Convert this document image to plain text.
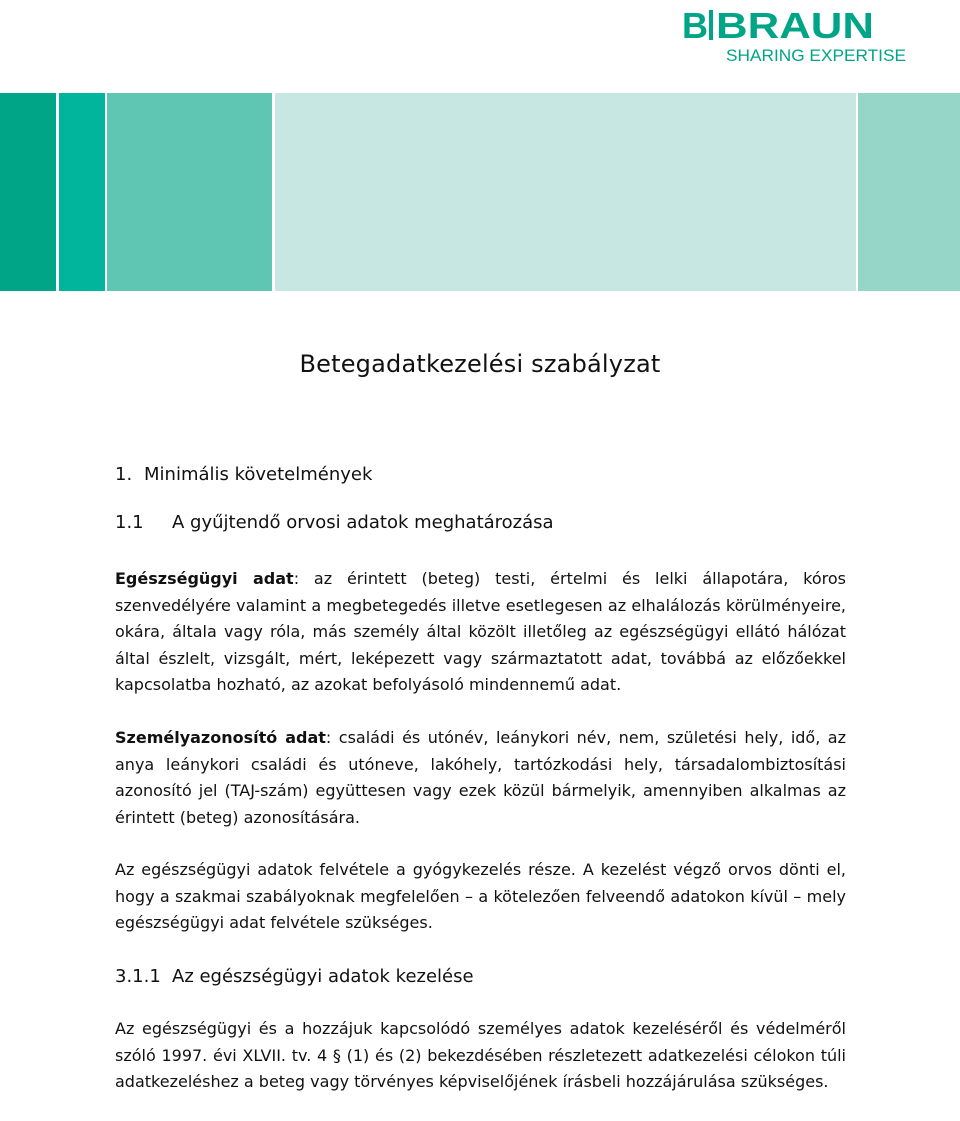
B BRAUN
SHARING EXPERTISE
Betegadatkezelési szabályzat
1. Minimális követelmények
1.1 A gyűjtendő orvosi adatok meghatározása

Egészségügyi adat: az érintett (beteg) testi, értelmi és lelki állapotára, kóros szenvedélyére valamint a megbetegedés illetve esetlegesen az elhalálozás körülményeire, okára, általa vagy róla, más személy által közölt illetőleg az egészségügyi ellátó hálózat által észlelt, vizsgált, mért, leképezett vagy származtatott adat, továbbá az előzőekkel kapcsolatba hozható, az azokat befolyásoló mindennemű adat.

Személyazonosító adat: családi és utónév, leánykori név, nem, születési hely, idő, az anya leánykori családi és utóneve, lakóhely, tartózkodási hely, társadalombiztosítási azonosító jel (TAJ-szám) együttesen vagy ezek közül bármelyik, amennyiben alkalmas az érintett (beteg) azonosítására.

Az egészségügyi adatok felvétele a gyógykezelés része. A kezelést végző orvos dönti el, hogy a szakmai szabályoknak megfelelően – a kötelezően felveendő adatokon kívül – mely egészségügyi adat felvétele szükséges.

3.1.1 Az egészségügyi adatok kezelése

Az egészségügyi és a hozzájuk kapcsolódó személyes adatok kezeléséről és védelméről szóló 1997. évi XLVII. tv. 4 § (1) és (2) bekezdésében részletezett adatkezelési célokon túli adatkezeléshez a beteg vagy törvényes képviselőjének írásbeli hozzájárulása szükséges.
